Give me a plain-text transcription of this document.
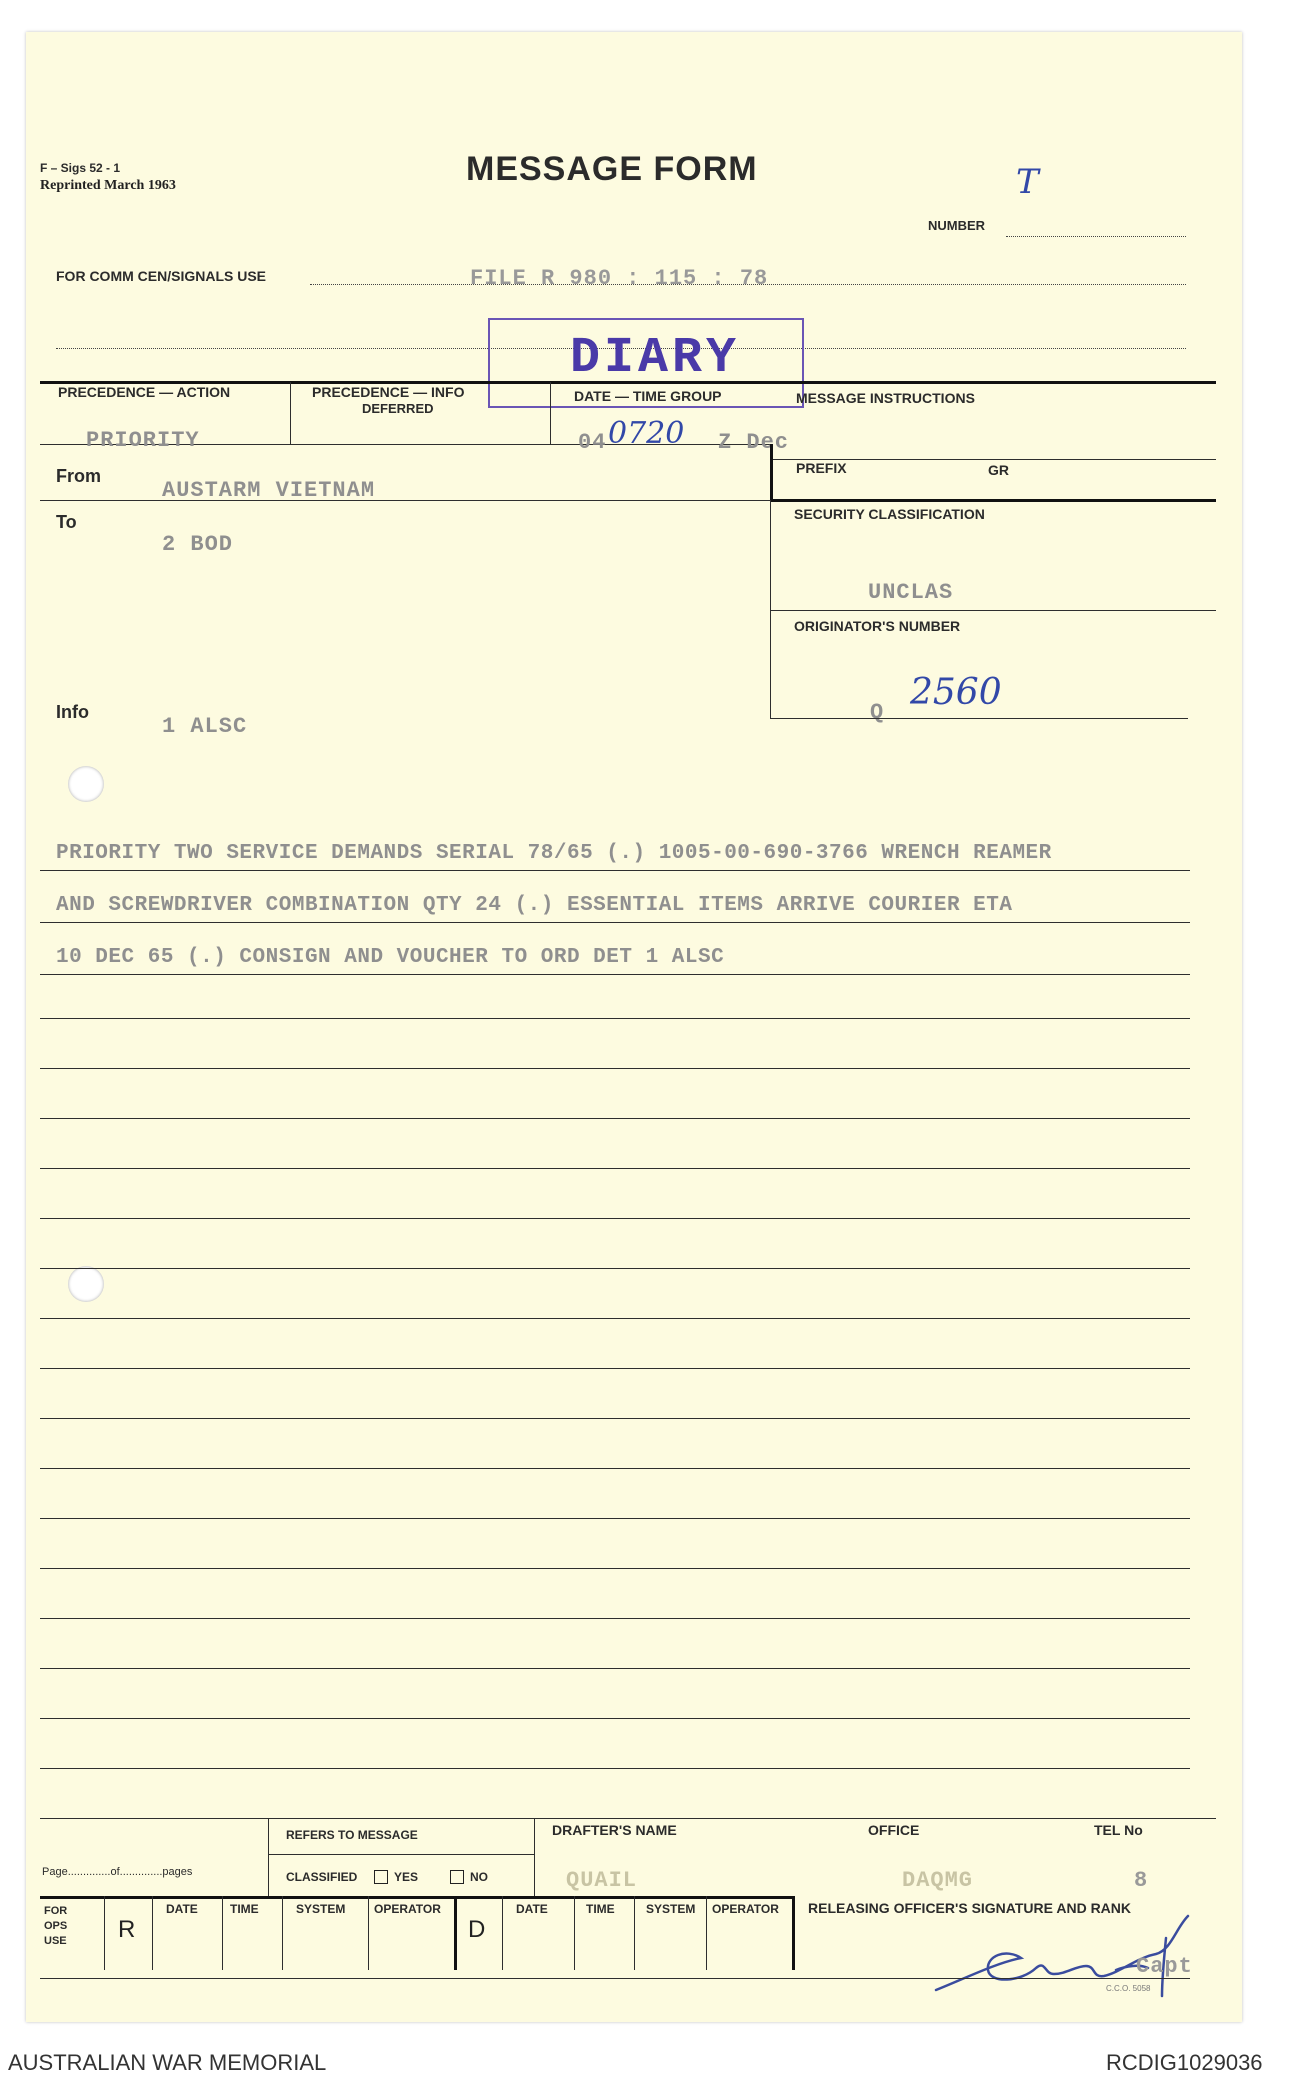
F – Sigs 52 - 1
Reprinted March 1963	MESSAGE FORM	T
NUMBER
FOR COMM CEN/SIGNALS USE	FILE R 980 : 115 : 78
DIARY
PRECEDENCE — ACTION	PRECEDENCE — INFO
DEFERRED
DATE — TIME GROUP
PRIORITY	04 0720 Z Dec
MESSAGE INSTRUCTIONS
PREFIX	GR
SECURITY CLASSIFICATION
UNCLAS
ORIGINATOR'S NUMBER
Q 2560
From
AUSTARM VIETNAM
To
2 BOD
Info
1 ALSC
PRIORITY TWO SERVICE DEMANDS SERIAL 78/65 (.) 1005-00-690-3766 WRENCH REAMER
AND SCREWDRIVER COMBINATION QTY 24 (.) ESSENTIAL ITEMS ARRIVE COURIER ETA
10 DEC 65 (.) CONSIGN AND VOUCHER TO ORD DET 1 ALSC
Page..............of..............pages
REFERS TO MESSAGE
CLASSIFIED	YES	NO
DRAFTER'S NAME	OFFICE	TEL No
QUAIL	DAQMG	8
FOR
OPS
USE R
DATE	TIME	SYSTEM OPERATOR
D
DATE	TIME	SYSTEM OPERATOR RELEASING OFFICER'S SIGNATURE AND RANK
Capt
C.C.O. 5058
AUSTRALIAN WAR MEMORIAL	RCDIG1029036
